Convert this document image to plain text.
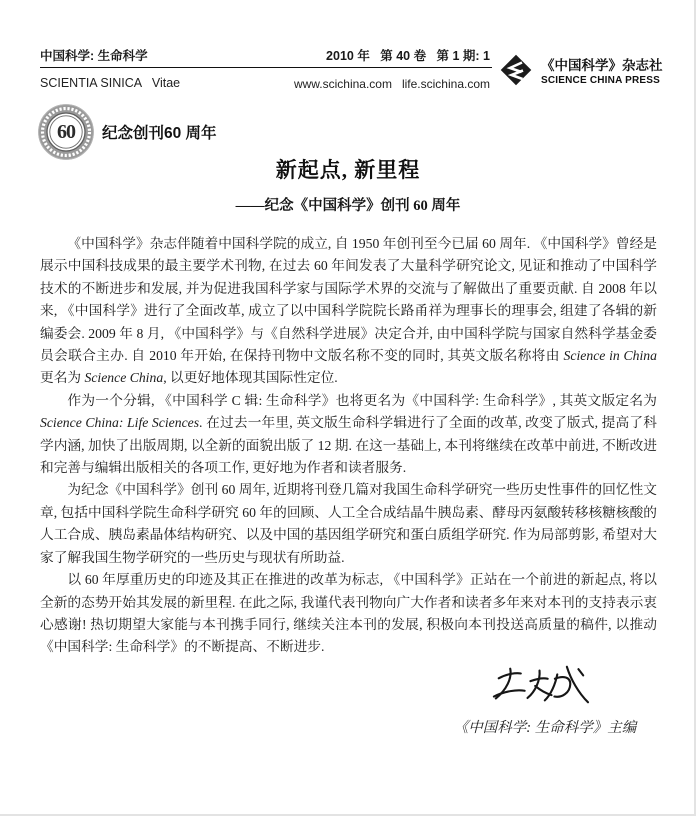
中国科学: 生命科学	2010 年   第 40 卷   第 1 期: 1
SCIENTIA SINICA   Vitae	www.scichina.com   life.scichina.com
《中国科学》杂志社
SCIENCE CHINA PRESS
60	纪念创刊60 周年
新起点, 新里程
——纪念《中国科学》创刊 60 周年

《中国科学》杂志伴随着中国科学院的成立, 自 1950 年创刊至今已届 60 周年. 《中国科学》曾经是展示中国科技成果的最主要学术刊物, 在过去 60 年间发表了大量科学研究论文, 见证和推动了中国科学技术的不断进步和发展, 并为促进我国科学家与国际学术界的交流与了解做出了重要贡献. 自 2008 年以来, 《中国科学》进行了全面改革, 成立了以中国科学院院长路甬祥为理事长的理事会, 组建了各辑的新编委会. 2009 年 8 月, 《中国科学》与《自然科学进展》决定合并, 由中国科学院与国家自然科学基金委员会联合主办. 自 2010 年开始, 在保持刊物中文版名称不变的同时, 其英文版名称将由 Science in China 更名为 Science China, 以更好地体现其国际性定位.

作为一个分辑, 《中国科学 C 辑: 生命科学》也将更名为《中国科学: 生命科学》, 其英文版定名为 Science China: Life Sciences. 在过去一年里, 英文版生命科学辑进行了全面的改革, 改变了版式, 提高了科学内涵, 加快了出版周期, 以全新的面貌出版了 12 期. 在这一基础上, 本刊将继续在改革中前进, 不断改进和完善与编辑出版相关的各项工作, 更好地为作者和读者服务.

为纪念《中国科学》创刊 60 周年, 近期将刊登几篇对我国生命科学研究一些历史性事件的回忆性文章, 包括中国科学院生命科学研究 60 年的回顾、人工全合成结晶牛胰岛素、酵母丙氨酸转移核糖核酸的人工合成、胰岛素晶体结构研究、以及中国的基因组学研究和蛋白质组学研究. 作为局部剪影, 希望对大家了解我国生物学研究的一些历史与现状有所助益.

以 60 年厚重历史的印迹及其正在推进的改革为标志, 《中国科学》正站在一个前进的新起点, 将以全新的态势开始其发展的新里程. 在此之际, 我谨代表刊物向广大作者和读者多年来对本刊的支持表示衷心感谢! 热切期望大家能与本刊携手同行, 继续关注本刊的发展, 积极向本刊投送高质量的稿件, 以推动《中国科学: 生命科学》的不断提高、不断进步.

《中国科学: 生命科学》主编
